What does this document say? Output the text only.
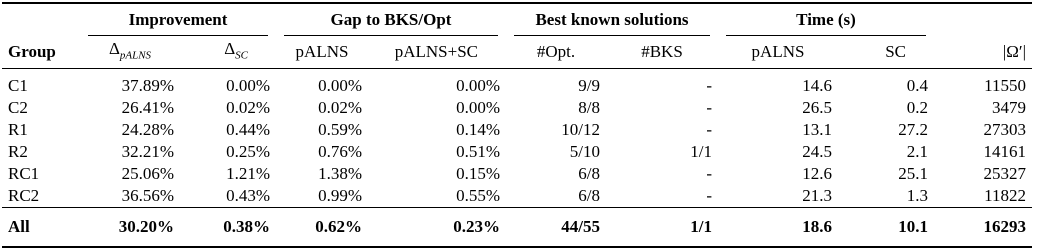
	Improvement		Gap to BKS/Opt		Best known solutions		Time (s)		
Group	$\Delta_{pALNS}$	$\Delta_{SC}$	pALNS	pALNS+SC	#Opt.	#BKS	pALNS	SC	|Ω′|
C1	37.89%	0.00%	0.00%	0.00%	9/9	-	14.6	0.4	11550
C2	26.41%	0.02%	0.02%	0.00%	8/8	-	26.5	0.2	3479
R1	24.28%	0.44%	0.59%	0.14%	10/12	-	13.1	27.2	27303
R2	32.21%	0.25%	0.76%	0.51%	5/10	1/1	24.5	2.1	14161
RC1	25.06%	1.21%	1.38%	0.15%	6/8	-	12.6	25.1	25327
RC2	36.56%	0.43%	0.99%	0.55%	6/8	-	21.3	1.3	11822
All	30.20%	0.38%	0.62%	0.23%	44/55	1/1	18.6	10.1	16293
